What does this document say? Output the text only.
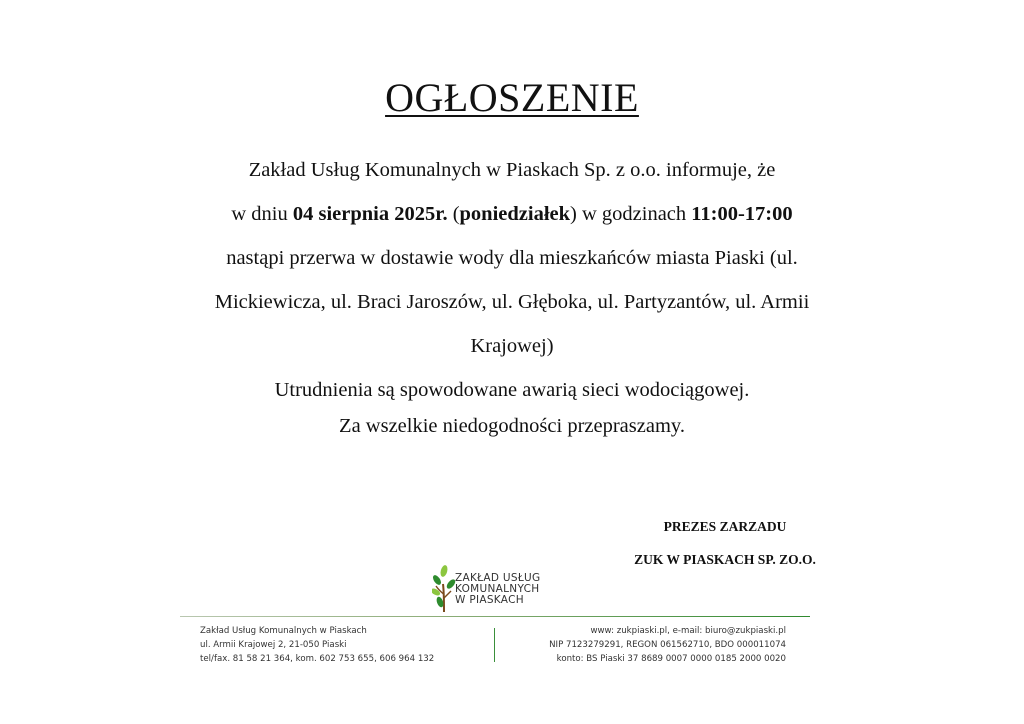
OGŁOSZENIE
Zakład Usług Komunalnych w Piaskach Sp. z o.o. informuje, że
w dniu 04 sierpnia 2025r. (poniedziałek) w godzinach 11:00-17:00
nastąpi przerwa w dostawie wody dla mieszkańców miasta Piaski (ul.
Mickiewicza, ul. Braci Jaroszów, ul. Głęboka, ul. Partyzantów, ul. Armii
Krajowej)
Utrudnienia są spowodowane awarią sieci wodociągowej.
Za wszelkie niedogodności przepraszamy.
PREZES ZARZADU
ZUK W PIASKACH SP. ZO.O.
ZAKŁAD USŁUG
KOMUNALNYCH
W PIASKACH
Zakład Usług Komunalnych w Piaskach
ul. Armii Krajowej 2, 21-050 Piaski
tel/fax. 81 58 21 364, kom. 602 753 655, 606 964 132
www: zukpiaski.pl, e-mail: biuro@zukpiaski.pl
NIP 7123279291, REGON 061562710, BDO 000011074
konto: BS Piaski 37 8689 0007 0000 0185 2000 0020
